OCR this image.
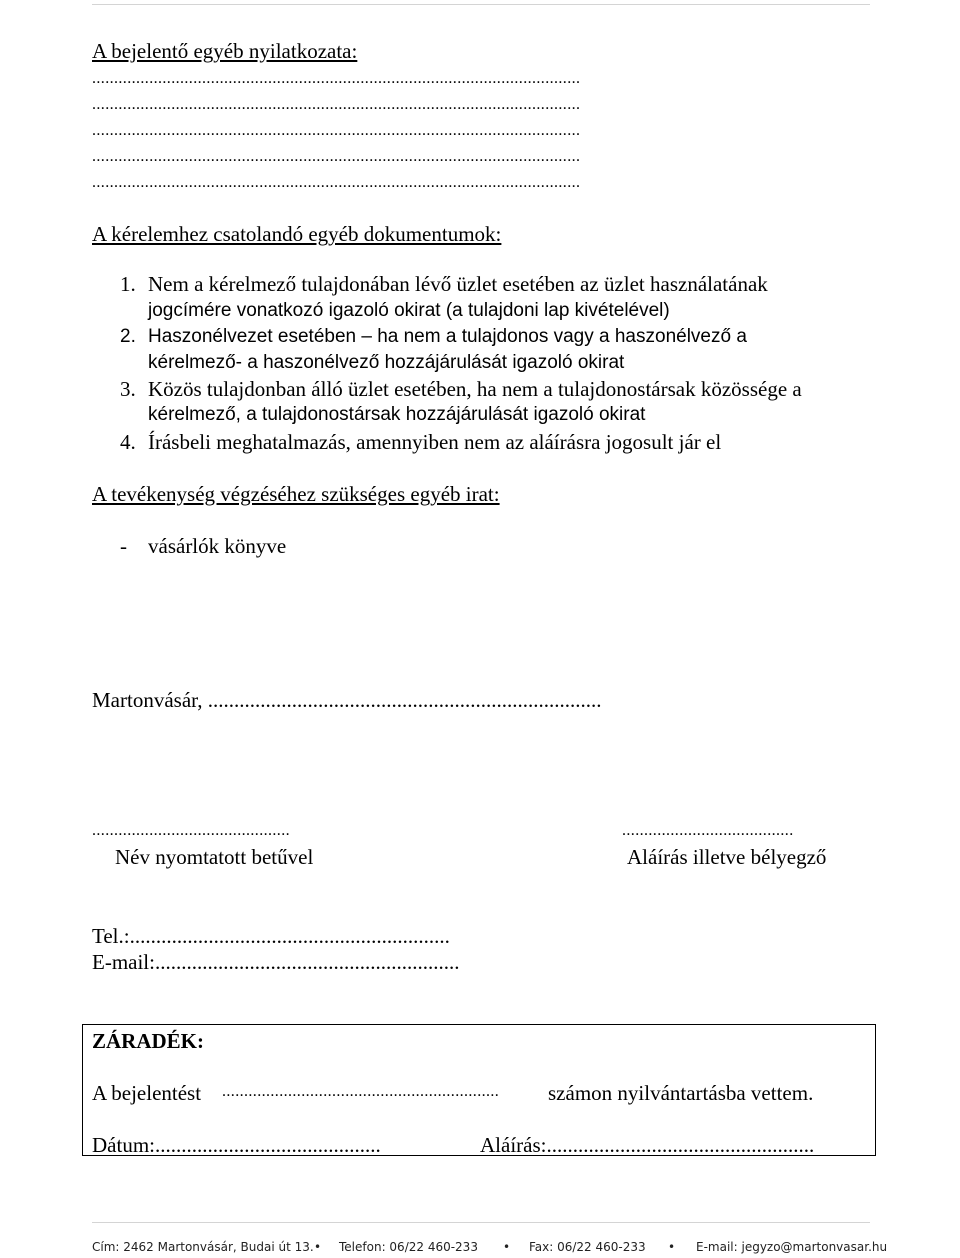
A bejelentő egyéb nyilatkozata:
...............................................................................................................
...............................................................................................................
...............................................................................................................
...............................................................................................................
...............................................................................................................
A kérelemhez csatolandó egyéb dokumentumok:
1. Nem a kérelmező tulajdonában lévő üzlet esetében az üzlet használatának
jogcímére vonatkozó igazoló okirat (a tulajdoni lap kivételével)
2. Haszonélvezet esetében – ha nem a tulajdonos vagy a haszonélvező a
kérelmező- a haszonélvező hozzájárulását igazoló okirat
3. Közös tulajdonban álló üzlet esetében, ha nem a tulajdonostársak közössége a
kérelmező, a tulajdonostársak hozzájárulását igazoló okirat
4. Írásbeli meghatalmazás, amennyiben nem az aláírásra jogosult jár el
A tevékenység végzéséhez szükséges egyéb irat:
- vásárlók könyve
Martonvásár, ...........................................................................
.............................................
Név nyomtatott betűvel
.......................................
Aláírás illetve bélyegző
Tel.:.............................................................
E-mail:..........................................................
ZÁRADÉK:
A bejelentést ............................................................... számon nyilvántartásba vettem.
Dátum:...........................................	Aláírás:...................................................
Cím: 2462 Martonvásár, Budai út 13. • Telefon: 06/22 460-233 • Fax: 06/22 460-233 • E-mail: jegyzo@martonvasar.hu
